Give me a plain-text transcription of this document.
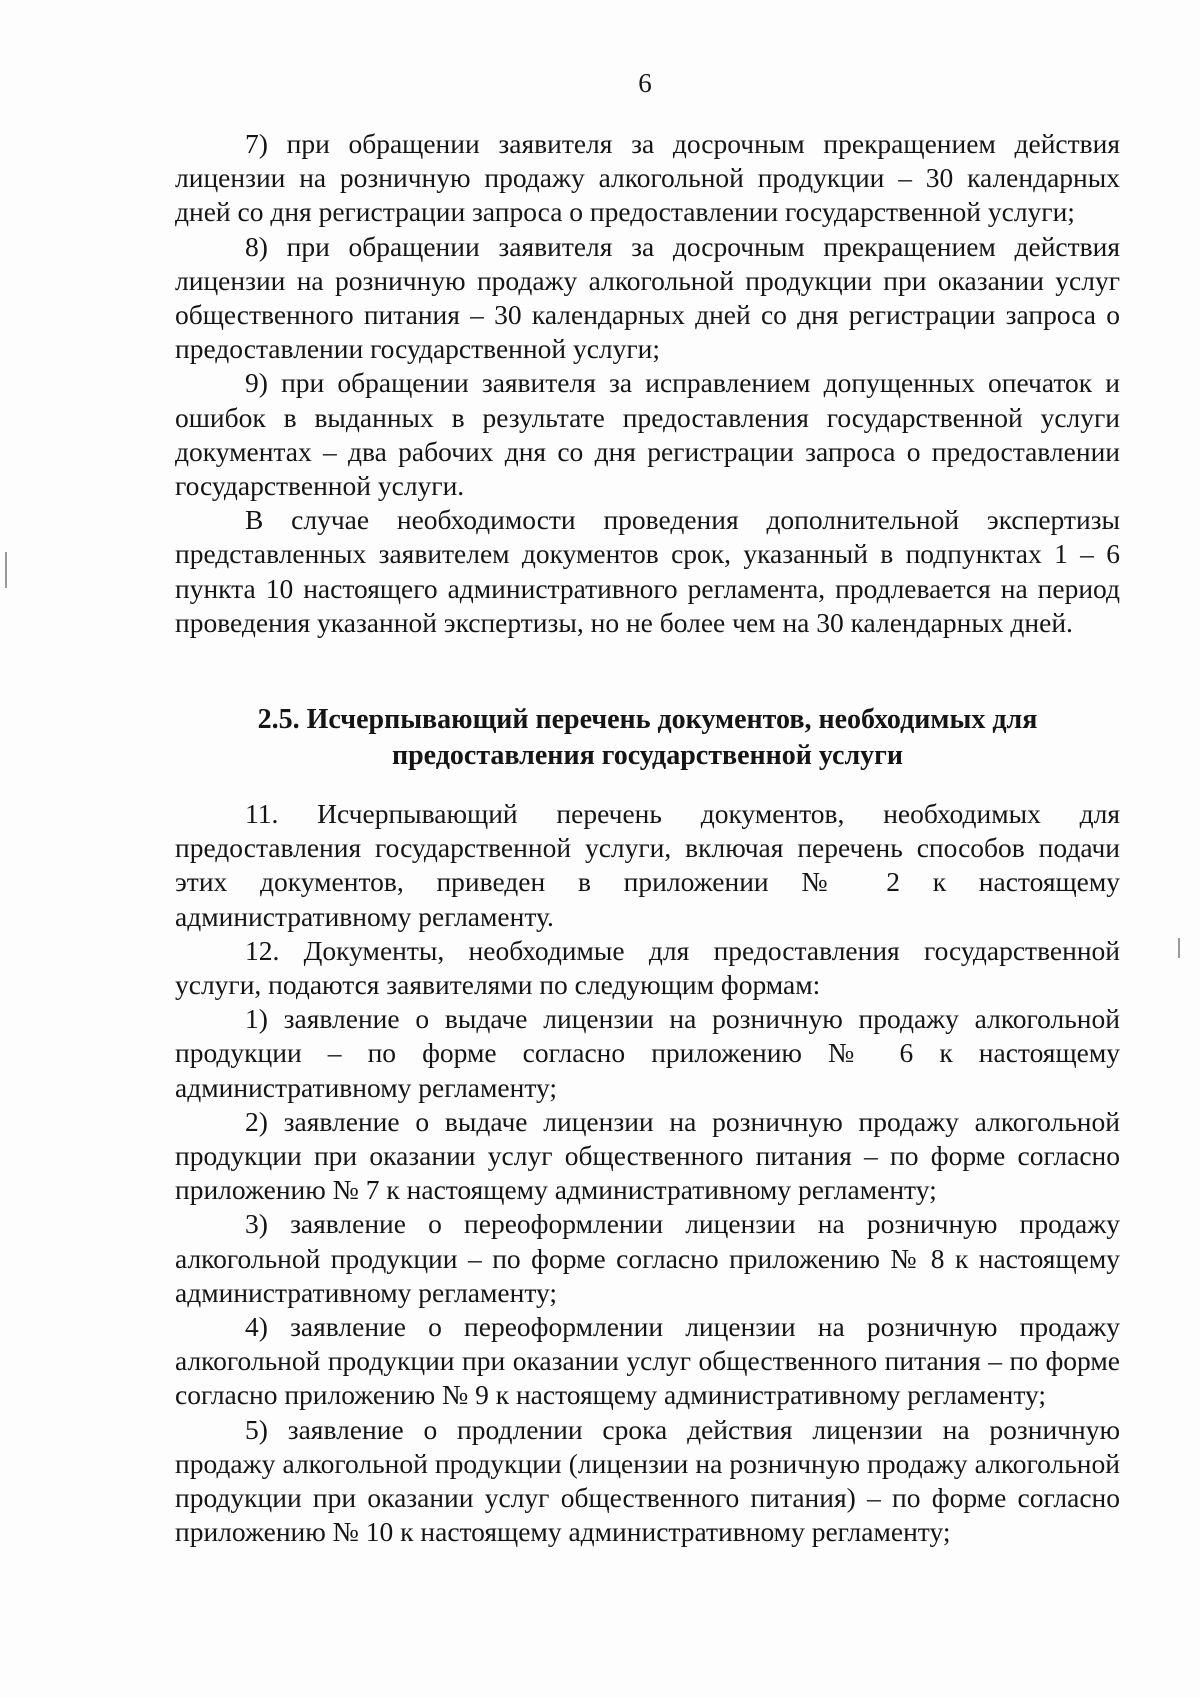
6

7) при обращении заявителя за досрочным прекращением действия лицензии на розничную продажу алкогольной продукции – 30 календарных дней со дня регистрации запроса о предоставлении государственной услуги;

8) при обращении заявителя за досрочным прекращением действия лицензии на розничную продажу алкогольной продукции при оказании услуг общественного питания – 30 календарных дней со дня регистрации запроса о предоставлении государственной услуги;

9) при обращении заявителя за исправлением допущенных опечаток и ошибок в выданных в результате предоставления государственной услуги документах – два рабочих дня со дня регистрации запроса о предоставлении государственной услуги.

В случае необходимости проведения дополнительной экспертизы представленных заявителем документов срок, указанный в подпунктах 1 – 6 пункта 10 настоящего административного регламента, продлевается на период проведения указанной экспертизы, но не более чем на 30 календарных дней.

2.5. Исчерпывающий перечень документов, необходимых для
предоставления государственной услуги

11. Исчерпывающий перечень документов, необходимых для предоставления государственной услуги, включая перечень способов подачи этих документов, приведен в приложении № 2 к настоящему административному регламенту.

12. Документы, необходимые для предоставления государственной услуги, подаются заявителями по следующим формам:

1) заявление о выдаче лицензии на розничную продажу алкогольной продукции – по форме согласно приложению № 6 к настоящему административному регламенту;

2) заявление о выдаче лицензии на розничную продажу алкогольной продукции при оказании услуг общественного питания – по форме согласно приложению № 7 к настоящему административному регламенту;

3) заявление о переоформлении лицензии на розничную продажу алкогольной продукции – по форме согласно приложению № 8 к настоящему административному регламенту;

4) заявление о переоформлении лицензии на розничную продажу алкогольной продукции при оказании услуг общественного питания – по форме согласно приложению № 9 к настоящему административному регламенту;

5) заявление о продлении срока действия лицензии на розничную продажу алкогольной продукции (лицензии на розничную продажу алкогольной продукции при оказании услуг общественного питания) – по форме согласно приложению № 10 к настоящему административному регламенту;
